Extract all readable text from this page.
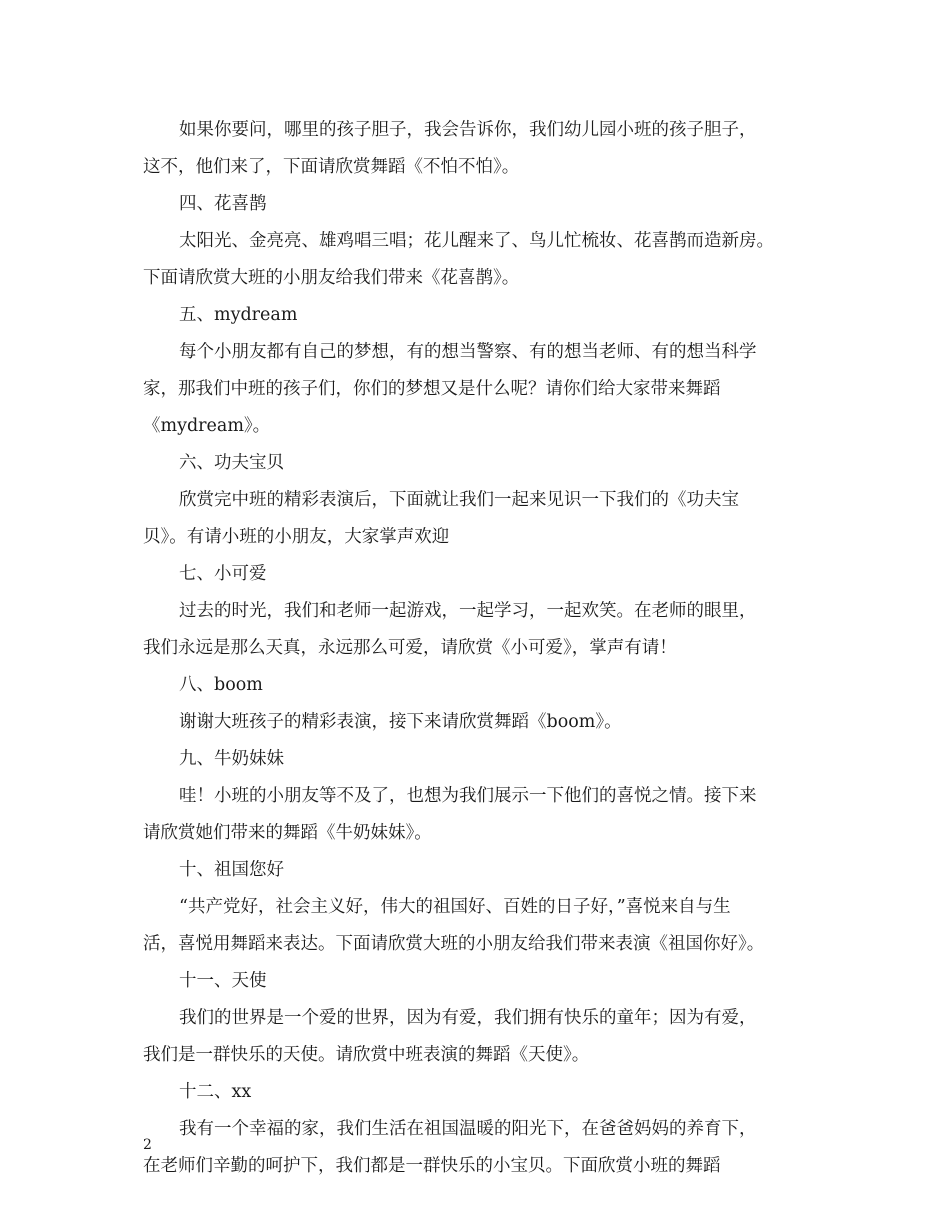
如果你要问，哪里的孩子胆子，我会告诉你，我们幼儿园小班的孩子胆子，
这不，他们来了，下面请欣赏舞蹈《不怕不怕》。
四、花喜鹊
太阳光、金亮亮、雄鸡唱三唱；花儿醒来了、鸟儿忙梳妆、花喜鹊而造新房。
下面请欣赏大班的小朋友给我们带来《花喜鹊》。
五、mydream
每个小朋友都有自己的梦想，有的想当警察、有的想当老师、有的想当科学
家，那我们中班的孩子们，你们的梦想又是什么呢？请你们给大家带来舞蹈
《mydream》。
六、功夫宝贝
欣赏完中班的精彩表演后，下面就让我们一起来见识一下我们的《功夫宝
贝》。有请小班的小朋友，大家掌声欢迎
七、小可爱
过去的时光，我们和老师一起游戏，一起学习，一起欢笑。在老师的眼里，
我们永远是那么天真，永远那么可爱，请欣赏《小可爱》，掌声有请！
八、boom
谢谢大班孩子的精彩表演，接下来请欣赏舞蹈《boom》。
九、牛奶妹妹
哇！小班的小朋友等不及了，也想为我们展示一下他们的喜悦之情。接下来
请欣赏她们带来的舞蹈《牛奶妹妹》。
十、祖国您好
“共产党好，社会主义好，伟大的祖国好、百姓的日子好，”喜悦来自与生
活，喜悦用舞蹈来表达。下面请欣赏大班的小朋友给我们带来表演《祖国你好》。
十一、天使
我们的世界是一个爱的世界，因为有爱，我们拥有快乐的童年；因为有爱，
我们是一群快乐的天使。请欣赏中班表演的舞蹈《天使》。
十二、xx
我有一个幸福的家，我们生活在祖国温暖的阳光下，在爸爸妈妈的养育下，
在老师们辛勤的呵护下，我们都是一群快乐的小宝贝。下面欣赏小班的舞蹈
2
